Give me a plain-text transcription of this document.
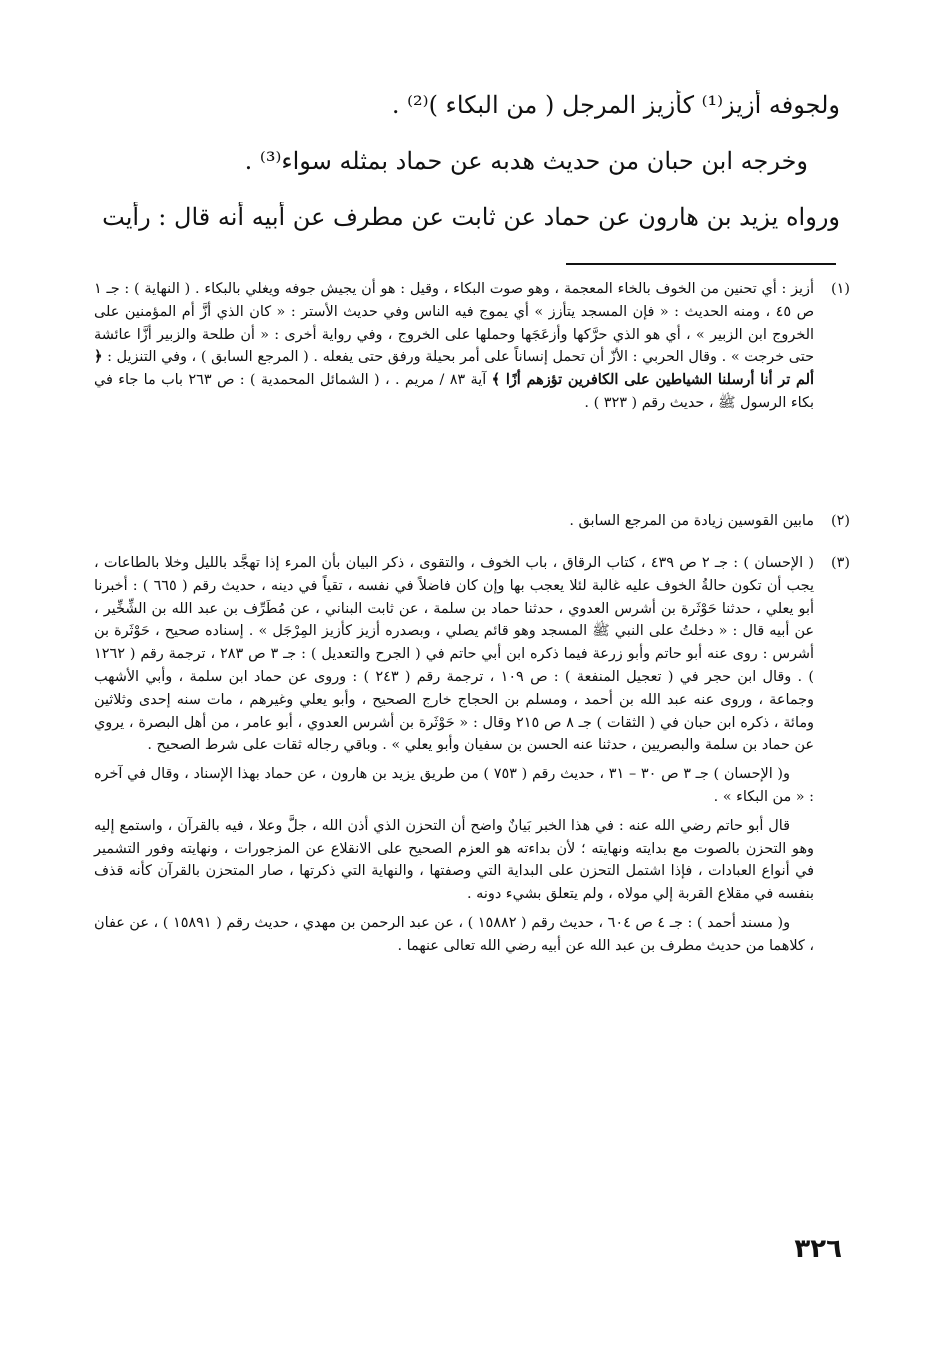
ولجوفه أزيز⁽¹⁾ كأزيز المرجل ( من البكاء )⁽²⁾ .

وخرجه ابن حبان من حديث هدبه عن حماد بمثله سواء⁽³⁾ .

ورواه يزيد بن هارون عن حماد عن ثابت عن مطرف عن أبيه أنه قال : رأيت

(١)

أزيز : أي تحنين من الخوف بالخاء المعجمة ، وهو صوت البكاء ، وقيل : هو أن يجيش جوفه ويغلي بالبكاء . ( النهاية ) : جـ ١ ص ٤٥ ، ومنه الحديث : « فإن المسجد يتأزز » أي يموج فيه الناس وفي حديث الأستر : « كان الذي أزَّ أم المؤمنين على الخروج ابن الزبير » ، أي هو الذي حرَّكها وأزعَجَها وحملها على الخروج ، وفي رواية أخرى : « أن طلحة والزبير أزَّا عائشة حتى خرجت » . وقال الحربي : الأزّ أن تحمل إنساناً على أمر بحيلة ورفق حتى يفعله . ( المرجع السابق ) ، وفي التنزيل : ﴿ ألم تر أنا أرسلنا الشياطين على الكافرين تؤزهم أزًا ﴾ آية ٨٣ / مريم . ، ( الشمائل المحمدية ) : ص ٢٦٣ باب ما جاء في بكاء الرسول ﷺ ، حديث رقم ( ٣٢٣ ) .

(٢)

مابين القوسين زيادة من المرجع السابق .

(٣)

( الإحسان ) : جـ ٢ ص ٤٣٩ ، كتاب الرقاق ، باب الخوف ، والتقوى ، ذكر البيان بأن المرء إذا تهجَّد بالليل وخلا بالطاعات ، يجب أن تكون حالةُ الخوف عليه غالبة لئلا يعجب بها وإن كان فاضلاً في نفسه ، تقياً في دينه ، حديث رقم ( ٦٦٥ ) : أخبرنا أبو يعلي ، حدثنا حَوْثَرة بن أشرس العدوي ، حدثنا حماد بن سلمة ، عن ثابت البناني ، عن مُطَرِّف بن عبد الله بن الشِّخِّير ، عن أبيه قال : « دخلتُ على النبي ﷺ المسجد وهو قائم يصلي ، وبصدره أزيز كأزيز المِرْجَل » . إسناده صحيح ، حَوْثَرة بن أشرس : روى عنه أبو حاتم وأبو زرعة فيما ذكره ابن أبي حاتم في ( الجرح والتعديل ) : جـ ٣ ص ٢٨٣ ، ترجمة رقم ( ١٢٦٢ ) . وقال ابن حجر في ( تعجيل المنفعة ) : ص ١٠٩ ، ترجمة رقم ( ٢٤٣ ) : وروى عن حماد ابن سلمة ، وأبي الأشهب وجماعة ، وروى عنه عبد الله بن أحمد ، ومسلم بن الحجاج خارج الصحيح ، وأبو يعلي وغيرهم ، مات سنه إحدى وثلاثين ومائة ، ذكره ابن حبان في ( الثقات ) جـ ٨ ص ٢١٥ وقال : « حَوْثَرة بن أشرس العدوي ، أبو عامر ، من أهل البصرة ، يروي عن حماد بن سلمة والبصريين ، حدثنا عنه الحسن بن سفيان وأبو يعلي » . وباقي رجاله ثقات على شرط الصحيح .

و( الإحسان ) جـ ٣ ص ٣٠ – ٣١ ، حديث رقم ( ٧٥٣ ) من طريق يزيد بن هارون ، عن حماد بهذا الإسناد ، وقال في آخره : « من البكاء » .

قال أبو حاتم رضي الله عنه : في هذا الخبر بَيانٌ واضح أن التحزن الذي أذن الله ، جلَّ وعلا ، فيه بالقرآن ، واستمع إليه وهو التحزن بالصوت مع بدايته ونهايته ؛ لأن بداءته هو العزم الصحيح على الانقلاع عن المزجورات ، ونهايته وفور التشمير في أنواع العبادات ، فإذا اشتمل التحزن على البداية التي وصفتها ، والنهاية التي ذكرتها ، صار المتحزن بالقرآن كأنه قذف بنفسه في مقلاع القربة إلي مولاه ، ولم يتعلق بشيء دونه .

و( مسند أحمد ) : جـ ٤ ص ٦٠٤ ، حديث رقم ( ١٥٨٨٢ ) ، عن عبد الرحمن بن مهدي ، حديث رقم ( ١٥٨٩١ ) ، عن عفان ، كلاهما من حديث مطرف بن عبد الله عن أبيه رضي الله تعالى عنهما .

٣٢٦
